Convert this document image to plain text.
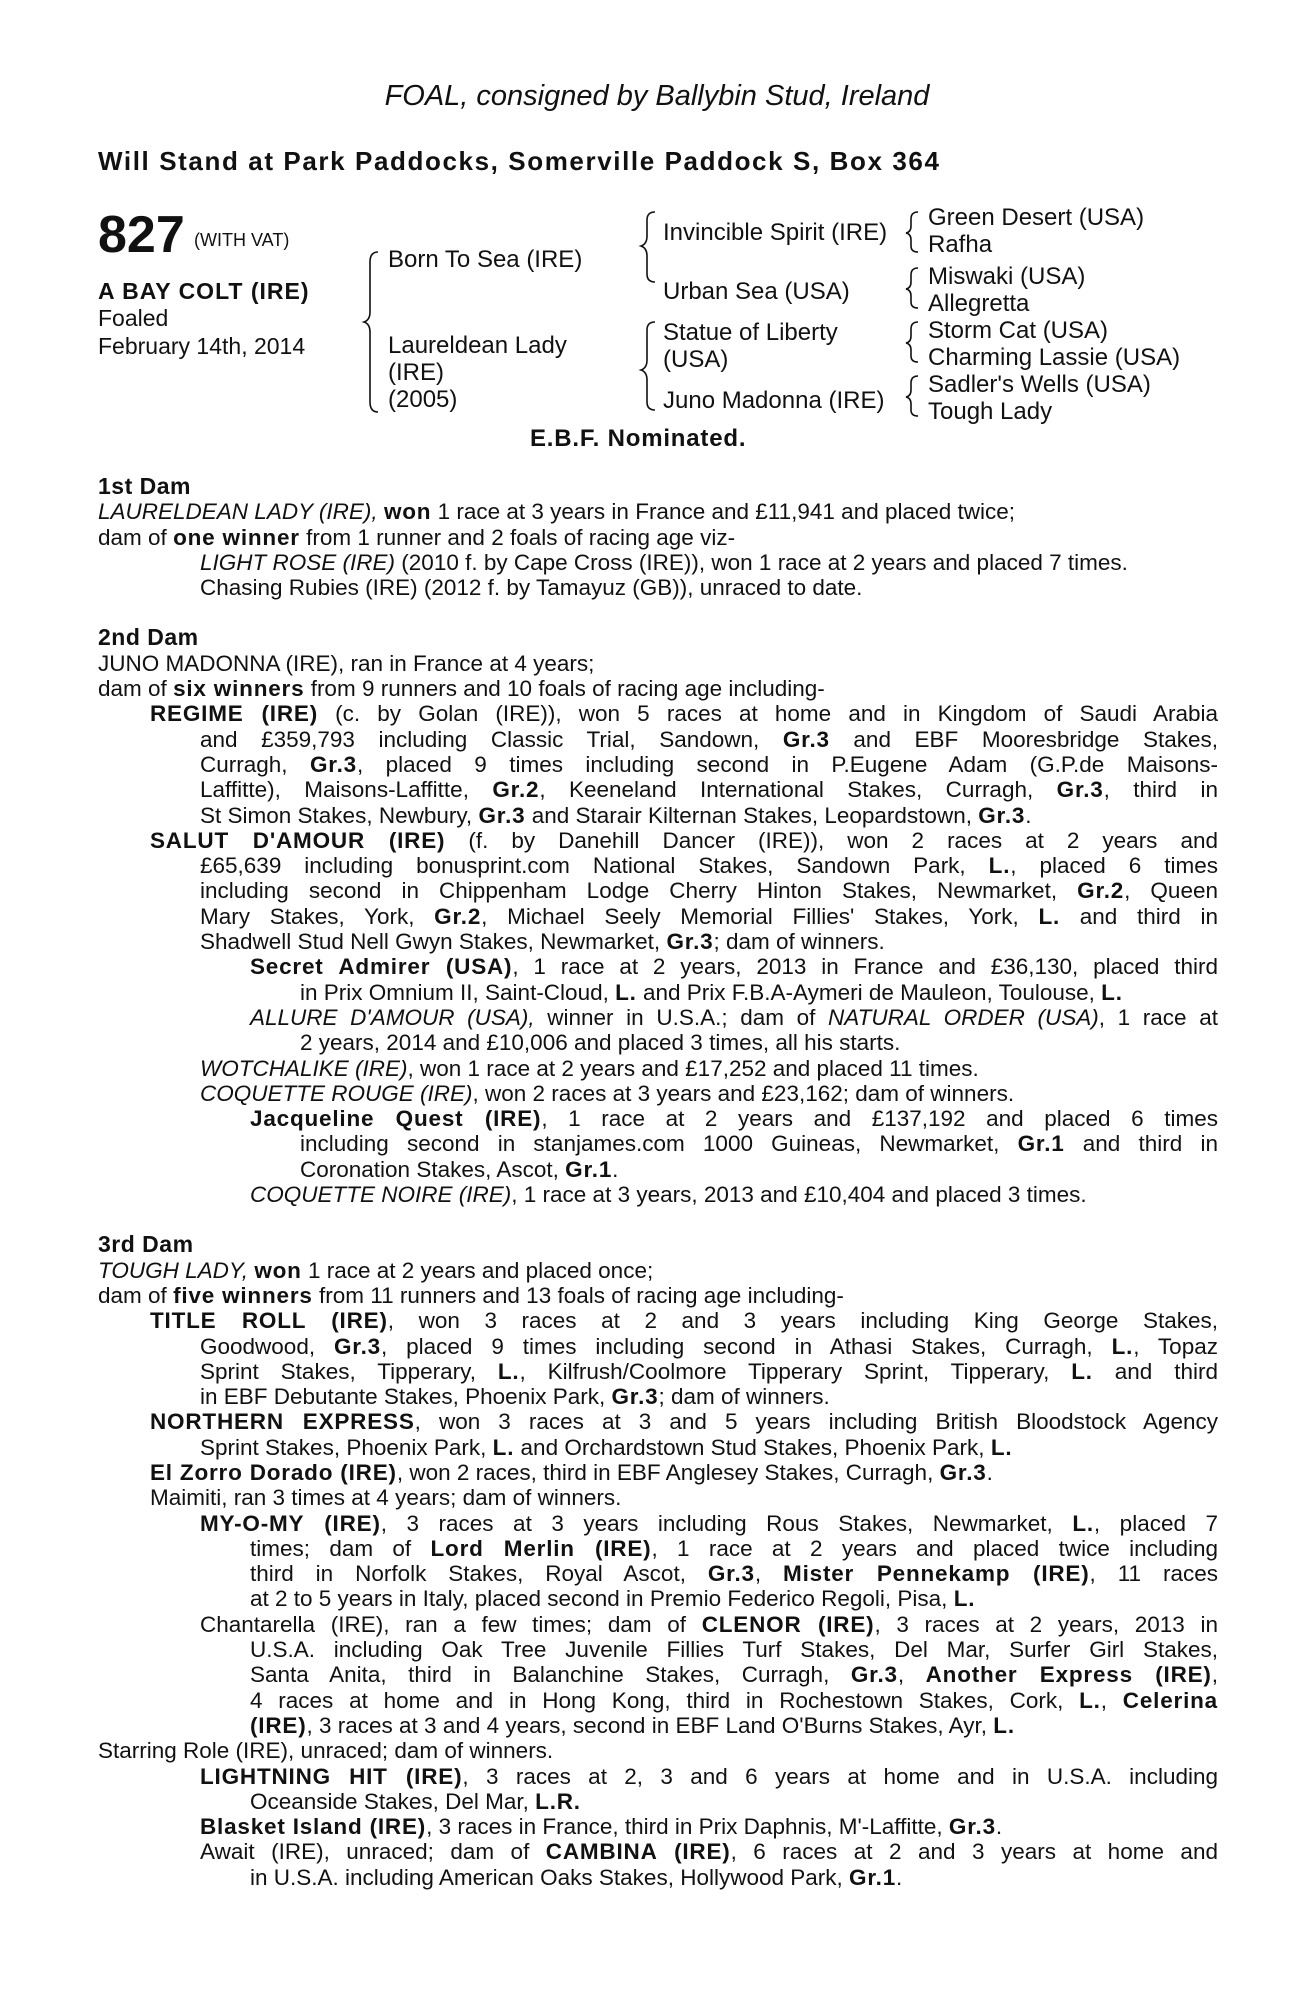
FOAL, consigned by Ballybin Stud, Ireland
Will Stand at Park Paddocks, Somerville Paddock S, Box 364
827 (WITH VAT)
A BAY COLT (IRE)
Foaled
February 14th, 2014
Born To Sea (IRE)
Laureldean Lady
(IRE)
(2005)
Invincible Spirit (IRE)
Urban Sea (USA)
Statue of Liberty
(USA)
Juno Madonna (IRE)
Green Desert (USA)
Rafha
Miswaki (USA)
Allegretta
Storm Cat (USA)
Charming Lassie (USA)
Sadler's Wells (USA)
Tough Lady
E.B.F. Nominated.
1st Dam
LAURELDEAN LADY (IRE), won 1 race at 3 years in France and £11,941 and placed twice;
dam of one winner from 1 runner and 2 foals of racing age viz-
LIGHT ROSE (IRE) (2010 f. by Cape Cross (IRE)), won 1 race at 2 years and placed 7 times.
Chasing Rubies (IRE) (2012 f. by Tamayuz (GB)), unraced to date.
2nd Dam
JUNO MADONNA (IRE), ran in France at 4 years;
dam of six winners from 9 runners and 10 foals of racing age including-
REGIME (IRE) (c. by Golan (IRE)), won 5 races at home and in Kingdom of Saudi Arabia
and £359,793 including Classic Trial, Sandown, Gr.3 and EBF Mooresbridge Stakes,
Curragh, Gr.3, placed 9 times including second in P.Eugene Adam (G.P.de Maisons-
Laffitte), Maisons-Laffitte, Gr.2, Keeneland International Stakes, Curragh, Gr.3, third in
St Simon Stakes, Newbury, Gr.3 and Starair Kilternan Stakes, Leopardstown, Gr.3.
SALUT D'AMOUR (IRE) (f. by Danehill Dancer (IRE)), won 2 races at 2 years and
£65,639 including bonusprint.com National Stakes, Sandown Park, L., placed 6 times
including second in Chippenham Lodge Cherry Hinton Stakes, Newmarket, Gr.2, Queen
Mary Stakes, York, Gr.2, Michael Seely Memorial Fillies' Stakes, York, L. and third in
Shadwell Stud Nell Gwyn Stakes, Newmarket, Gr.3; dam of winners.
Secret Admirer (USA), 1 race at 2 years, 2013 in France and £36,130, placed third
in Prix Omnium II, Saint-Cloud, L. and Prix F.B.A-Aymeri de Mauleon, Toulouse, L.
ALLURE D'AMOUR (USA), winner in U.S.A.; dam of NATURAL ORDER (USA), 1 race at
2 years, 2014 and £10,006 and placed 3 times, all his starts.
WOTCHALIKE (IRE), won 1 race at 2 years and £17,252 and placed 11 times.
COQUETTE ROUGE (IRE), won 2 races at 3 years and £23,162; dam of winners.
Jacqueline Quest (IRE), 1 race at 2 years and £137,192 and placed 6 times
including second in stanjames.com 1000 Guineas, Newmarket, Gr.1 and third in
Coronation Stakes, Ascot, Gr.1.
COQUETTE NOIRE (IRE), 1 race at 3 years, 2013 and £10,404 and placed 3 times.
3rd Dam
TOUGH LADY, won 1 race at 2 years and placed once;
dam of five winners from 11 runners and 13 foals of racing age including-
TITLE ROLL (IRE), won 3 races at 2 and 3 years including King George Stakes,
Goodwood, Gr.3, placed 9 times including second in Athasi Stakes, Curragh, L., Topaz
Sprint Stakes, Tipperary, L., Kilfrush/Coolmore Tipperary Sprint, Tipperary, L. and third
in EBF Debutante Stakes, Phoenix Park, Gr.3; dam of winners.
NORTHERN EXPRESS, won 3 races at 3 and 5 years including British Bloodstock Agency
Sprint Stakes, Phoenix Park, L. and Orchardstown Stud Stakes, Phoenix Park, L.
El Zorro Dorado (IRE), won 2 races, third in EBF Anglesey Stakes, Curragh, Gr.3.
Maimiti, ran 3 times at 4 years; dam of winners.
MY-O-MY (IRE), 3 races at 3 years including Rous Stakes, Newmarket, L., placed 7
times; dam of Lord Merlin (IRE), 1 race at 2 years and placed twice including
third in Norfolk Stakes, Royal Ascot, Gr.3, Mister Pennekamp (IRE), 11 races
at 2 to 5 years in Italy, placed second in Premio Federico Regoli, Pisa, L.
Chantarella (IRE), ran a few times; dam of CLENOR (IRE), 3 races at 2 years, 2013 in
U.S.A. including Oak Tree Juvenile Fillies Turf Stakes, Del Mar, Surfer Girl Stakes,
Santa Anita, third in Balanchine Stakes, Curragh, Gr.3, Another Express (IRE),
4 races at home and in Hong Kong, third in Rochestown Stakes, Cork, L., Celerina
(IRE), 3 races at 3 and 4 years, second in EBF Land O'Burns Stakes, Ayr, L.
Starring Role (IRE), unraced; dam of winners.
LIGHTNING HIT (IRE), 3 races at 2, 3 and 6 years at home and in U.S.A. including
Oceanside Stakes, Del Mar, L.R.
Blasket Island (IRE), 3 races in France, third in Prix Daphnis, M'-Laffitte, Gr.3.
Await (IRE), unraced; dam of CAMBINA (IRE), 6 races at 2 and 3 years at home and
in U.S.A. including American Oaks Stakes, Hollywood Park, Gr.1.
